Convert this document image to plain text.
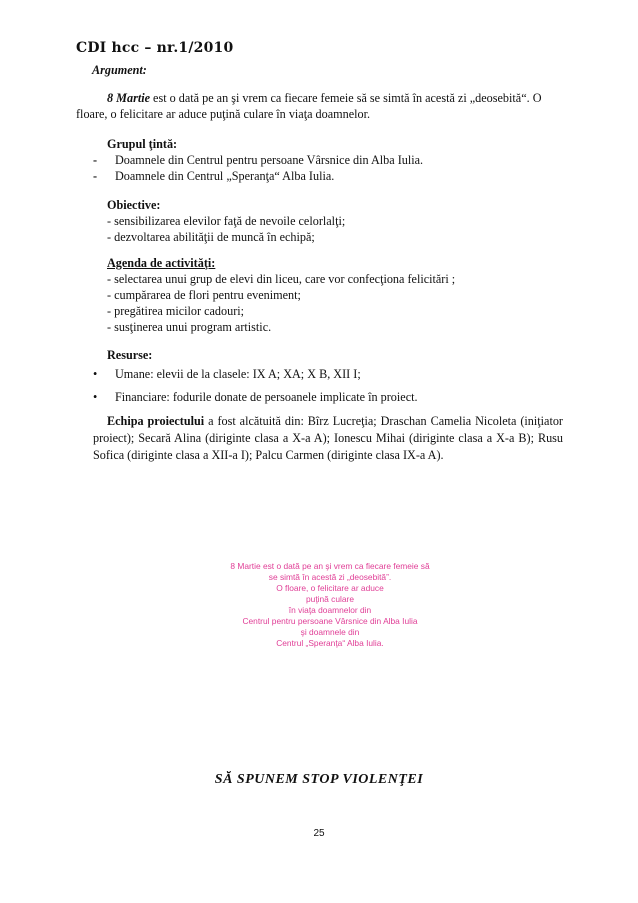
CDI hcc – nr.1/2010
Argument:
8 Martie est o dată pe an şi vrem ca fiecare femeie să se simtă în acestă zi „deosebită“. O
floare, o felicitare ar aduce puţină culare în viaţa doamnelor.
Grupul ţintă:
-	Doamnele din Centrul pentru persoane Vârsnice din Alba Iulia.
-	Doamnele din Centrul „Speranţa“ Alba Iulia.
Obiective:
- sensibilizarea elevilor faţă de nevoile celorlalţi;
- dezvoltarea abilităţii de muncă în echipă;
Agenda de activităţi:
- selectarea unui grup de elevi din liceu, care vor confecţiona felicitări ;
- cumpărarea de flori pentru eveniment;
- pregătirea micilor cadouri;
- susţinerea unui program artistic.
Resurse:
• Umane: elevii de la clasele: IX A; XA; X B, XII I;
• Financiare: fodurile donate de persoanele implicate în proiect.
Echipa proiectului a fost alcătuită din: Bîrz Lucreţia; Draschan Camelia Nicoleta (iniţiator proiect); Secară Alina (diriginte clasa a X-a A); Ionescu Mihai (diriginte clasa a X-a B); Rusu Sofica (diriginte clasa a XII-a I); Palcu Carmen (diriginte clasa IX-a A).
8 Martie est o dată pe an şi vrem ca fiecare femeie să
se simtă în acestă zi „deosebită”.
O floare, o felicitare ar aduce
puţină culare
în viaţa doamnelor din
Centrul pentru persoane Vârsnice din Alba Iulia
şi doamnele din
Centrul „Speranţa“ Alba Iulia.
SĂ SPUNEM STOP VIOLENŢEI
25
